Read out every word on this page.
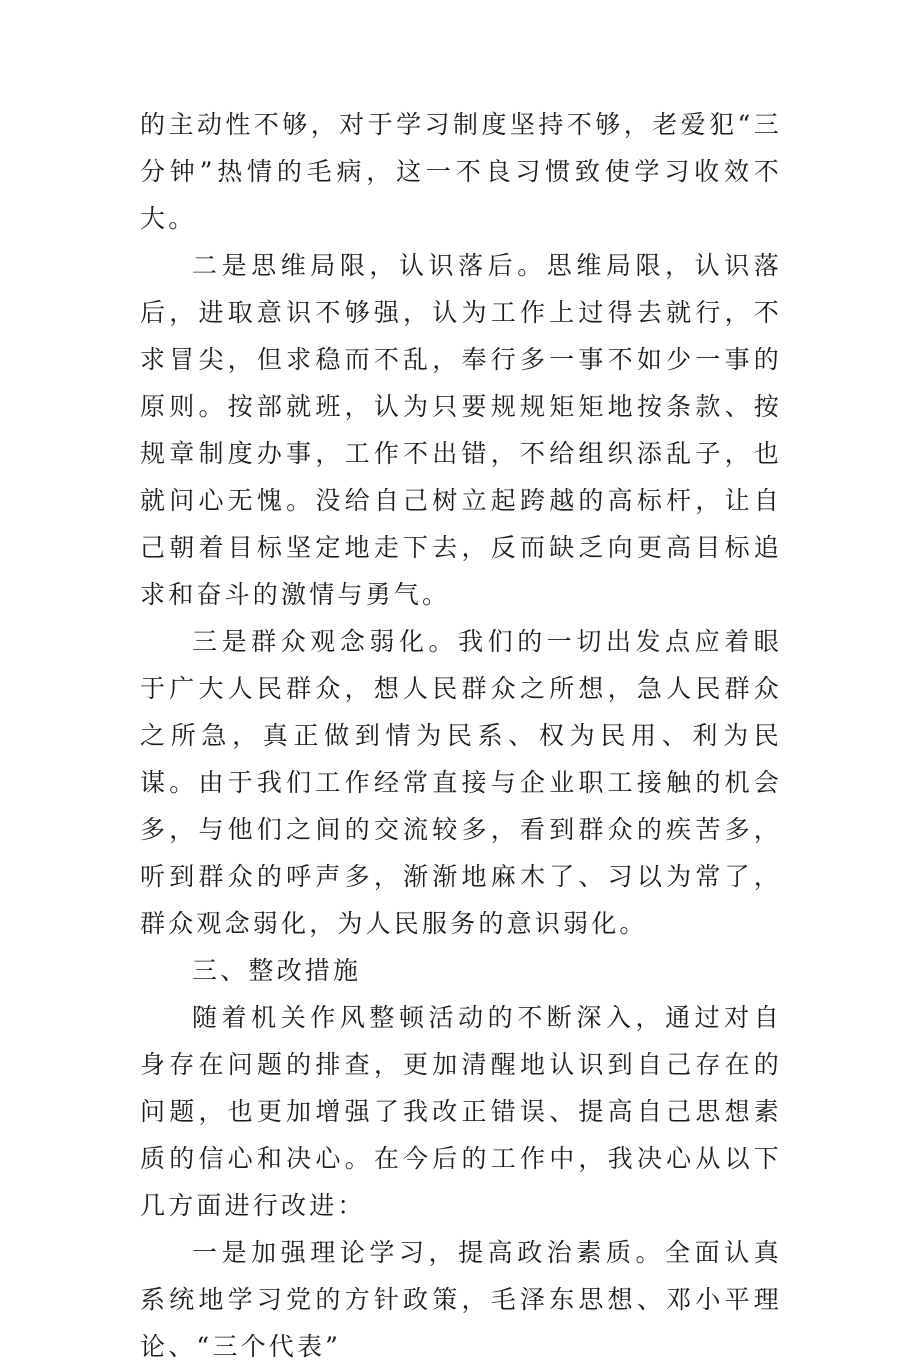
的主动性不够，对于学习制度坚持不够，老爱犯“三分钟”热情的毛病，这一不良习惯致使学习收效不大。

二是思维局限，认识落后。思维局限，认识落后，进取意识不够强，认为工作上过得去就行，不求冒尖，但求稳而不乱，奉行多一事不如少一事的原则。按部就班，认为只要规规矩矩地按条款、按规章制度办事，工作不出错，不给组织添乱子，也就问心无愧。没给自己树立起跨越的高标杆，让自己朝着目标坚定地走下去，反而缺乏向更高目标追求和奋斗的激情与勇气。

三是群众观念弱化。我们的一切出发点应着眼于广大人民群众，想人民群众之所想，急人民群众之所急，真正做到情为民系、权为民用、利为民谋。由于我们工作经常直接与企业职工接触的机会多，与他们之间的交流较多，看到群众的疾苦多，听到群众的呼声多，渐渐地麻木了、习以为常了，群众观念弱化，为人民服务的意识弱化。

三、整改措施

随着机关作风整顿活动的不断深入，通过对自身存在问题的排查，更加清醒地认识到自己存在的问题，也更加增强了我改正错误、提高自己思想素质的信心和决心。在今后的工作中，我决心从以下几方面进行改进：

一是加强理论学习，提高政治素质。全面认真系统地学习党的方针政策，毛泽东思想、邓小平理论、“三个代表”
